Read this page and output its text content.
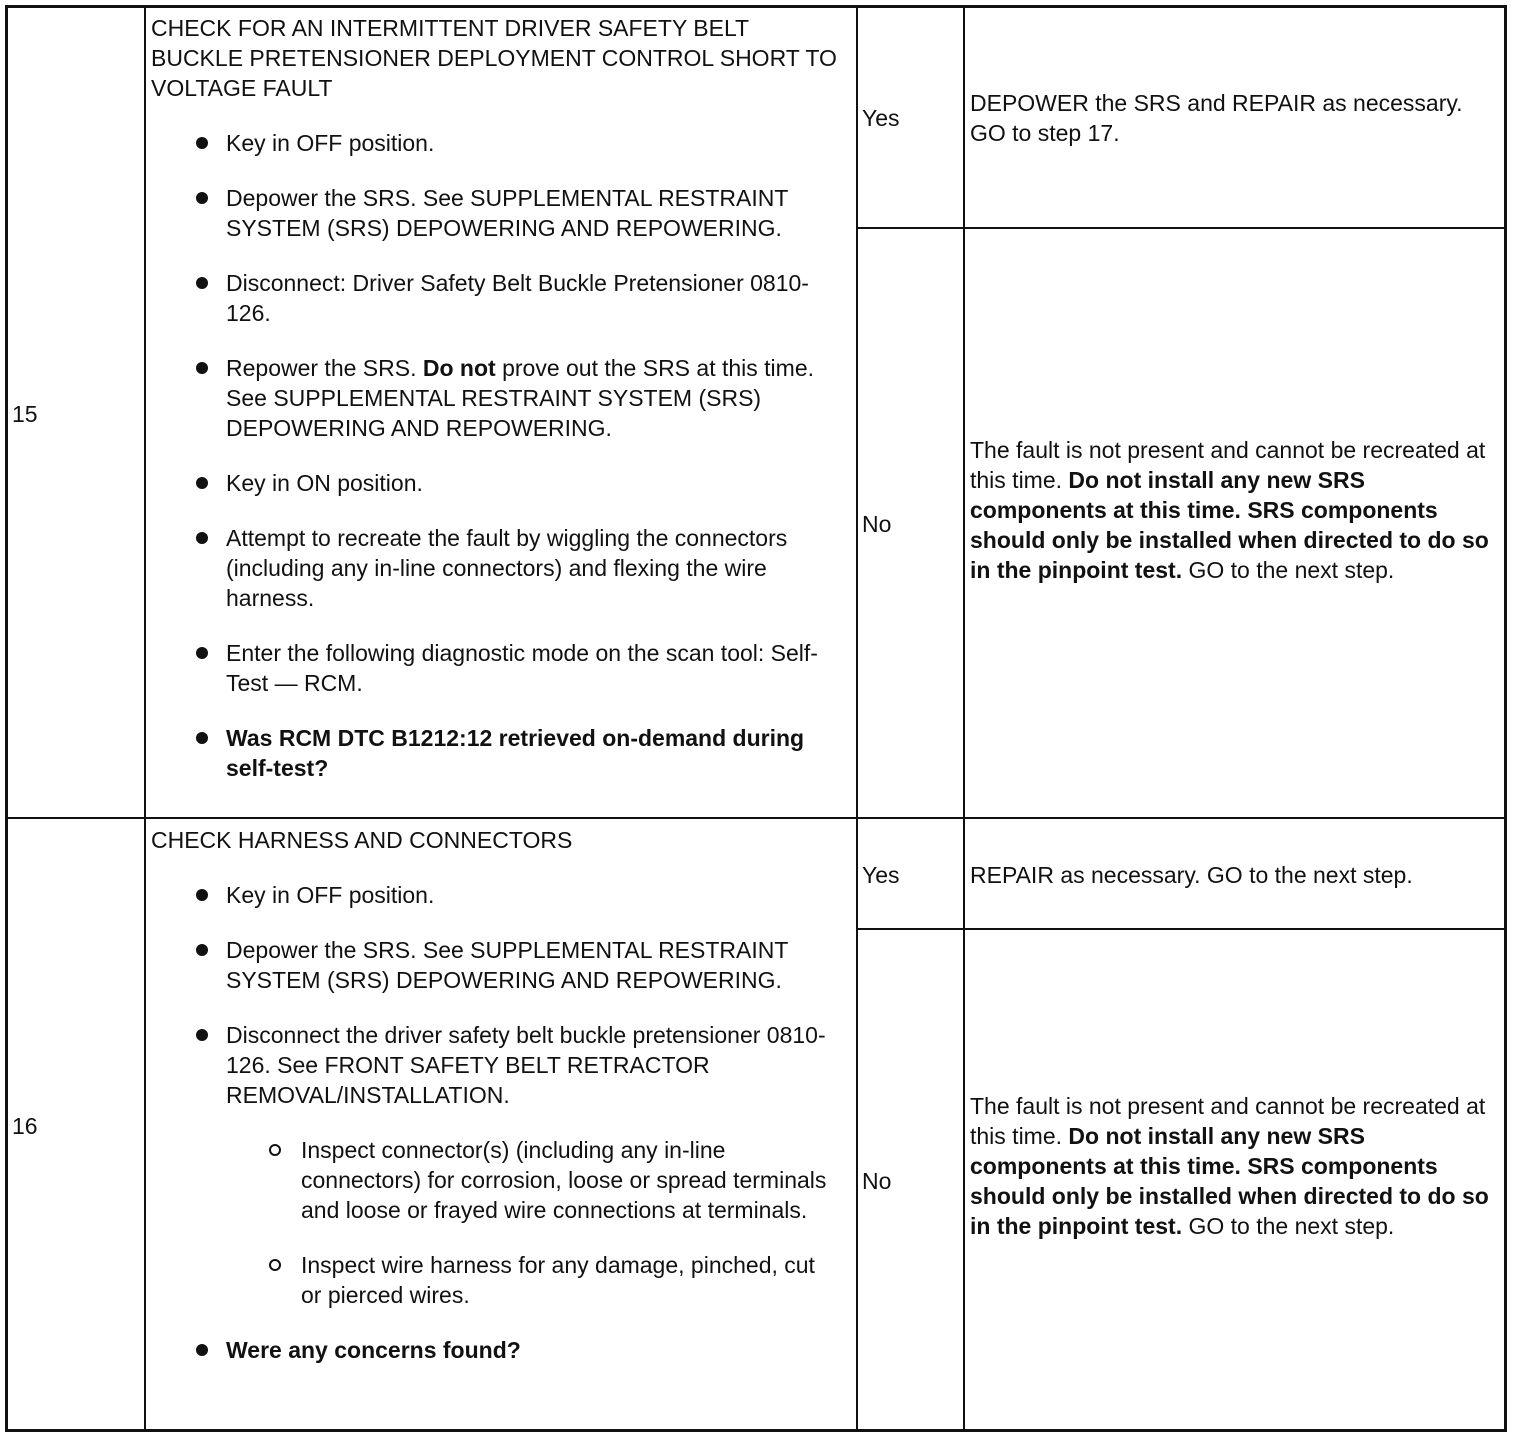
15
CHECK FOR AN INTERMITTENT DRIVER SAFETY BELT BUCKLE PRETENSIONER DEPLOYMENT CONTROL SHORT TO VOLTAGE FAULT
Key in OFF position.
Depower the SRS. See SUPPLEMENTAL RESTRAINT SYSTEM (SRS) DEPOWERING AND REPOWERING.
Disconnect: Driver Safety Belt Buckle Pretensioner 0810-126.
Repower the SRS. Do not prove out the SRS at this time. See SUPPLEMENTAL RESTRAINT SYSTEM (SRS) DEPOWERING AND REPOWERING.
Key in ON position.
Attempt to recreate the fault by wiggling the connectors (including any in-line connectors) and flexing the wire harness.
Enter the following diagnostic mode on the scan tool: Self-Test — RCM.
Was RCM DTC B1212:12 retrieved on-demand during self-test?
Yes
DEPOWER the SRS and REPAIR as necessary. GO to step 17.
No
The fault is not present and cannot be recreated at this time. Do not install any new SRS components at this time. SRS components should only be installed when directed to do so in the pinpoint test. GO to the next step.
16
CHECK HARNESS AND CONNECTORS
Key in OFF position.
Depower the SRS. See SUPPLEMENTAL RESTRAINT SYSTEM (SRS) DEPOWERING AND REPOWERING.
Disconnect the driver safety belt buckle pretensioner 0810-126. See FRONT SAFETY BELT RETRACTOR REMOVAL/INSTALLATION.
Inspect connector(s) (including any in-line connectors) for corrosion, loose or spread terminals and loose or frayed wire connections at terminals.
Inspect wire harness for any damage, pinched, cut or pierced wires.
Were any concerns found?
Yes	REPAIR as necessary. GO to the next step.
No
The fault is not present and cannot be recreated at this time. Do not install any new SRS components at this time. SRS components should only be installed when directed to do so in the pinpoint test. GO to the next step.
